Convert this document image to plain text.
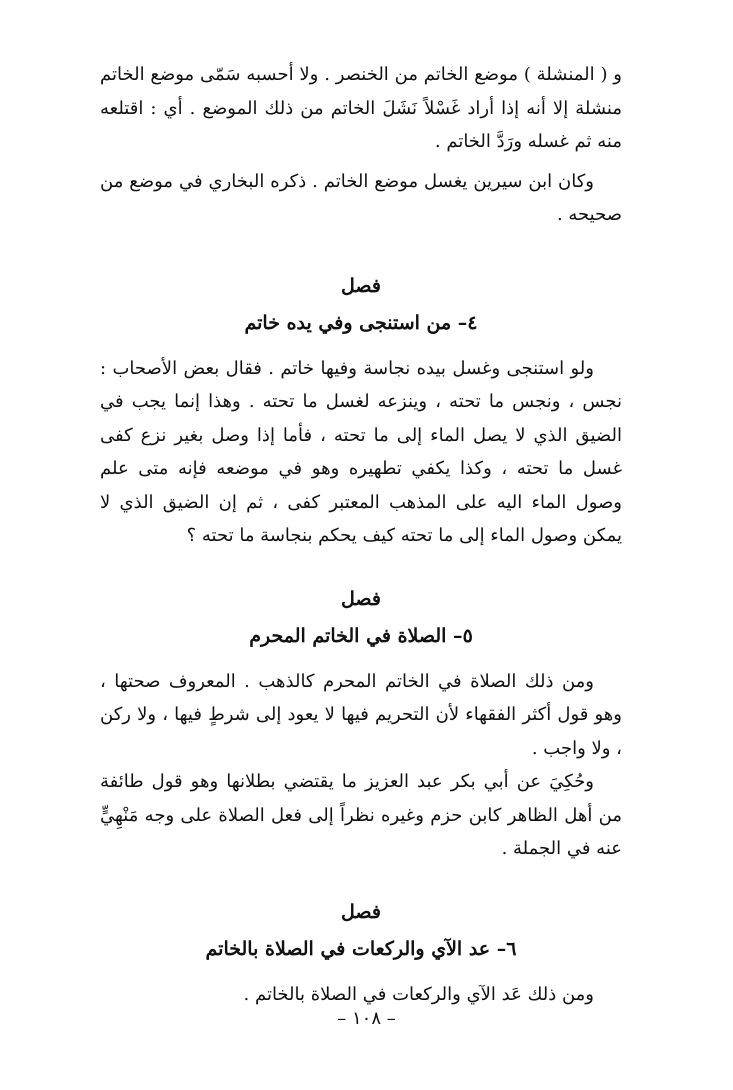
و ( المنشلة ) موضع الخاتم من الخنصر . ولا أحسبه سَمّى موضع الخاتم منشلة إلا أنه إذا أراد غَسْلاً نَشَلَ الخاتم من ذلك الموضع . أي : اقتلعه منه ثم غسله ورَدَّ الخاتم .

وكان ابن سيرين يغسل موضع الخاتم . ذكره البخاري في موضع من صحيحه .

فصل

٤– من استنجى وفي يده خاتم

ولو استنجى وغسل بيده نجاسة وفيها خاتم . فقال بعض الأصحاب : نجس ، ونجس ما تحته ، وينزعه لغسل ما تحته . وهذا إنما يجب في الضيق الذي لا يصل الماء إلى ما تحته ، فأما إذا وصل بغير نزع كفى غسل ما تحته ، وكذا يكفي تطهيره وهو في موضعه فإنه متى علم وصول الماء اليه على المذهب المعتبر كفى ، ثم إن الضيق الذي لا يمكن وصول الماء إلى ما تحته كيف يحكم بنجاسة ما تحته ؟

فصل

٥– الصلاة في الخاتم المحرم

ومن ذلك الصلاة في الخاتم المحرم كالذهب . المعروف صحتها ، وهو قول أكثر الفقهاء لأن التحريم فيها لا يعود إلى شرطٍ فيها ، ولا ركن ، ولا واجب .

وحُكِيَ عن أبي بكر عبد العزيز ما يقتضي بطلانها وهو قول طائفة من أهل الظاهر كابن حزم وغيره نظراً إلى فعل الصلاة على وجه مَنْهِيٍّ عنه في الجملة .

فصل

٦– عد الآي والركعات في الصلاة بالخاتم

ومن ذلك عَد الآي والركعات في الصلاة بالخاتم .

– ١٠٨ –
